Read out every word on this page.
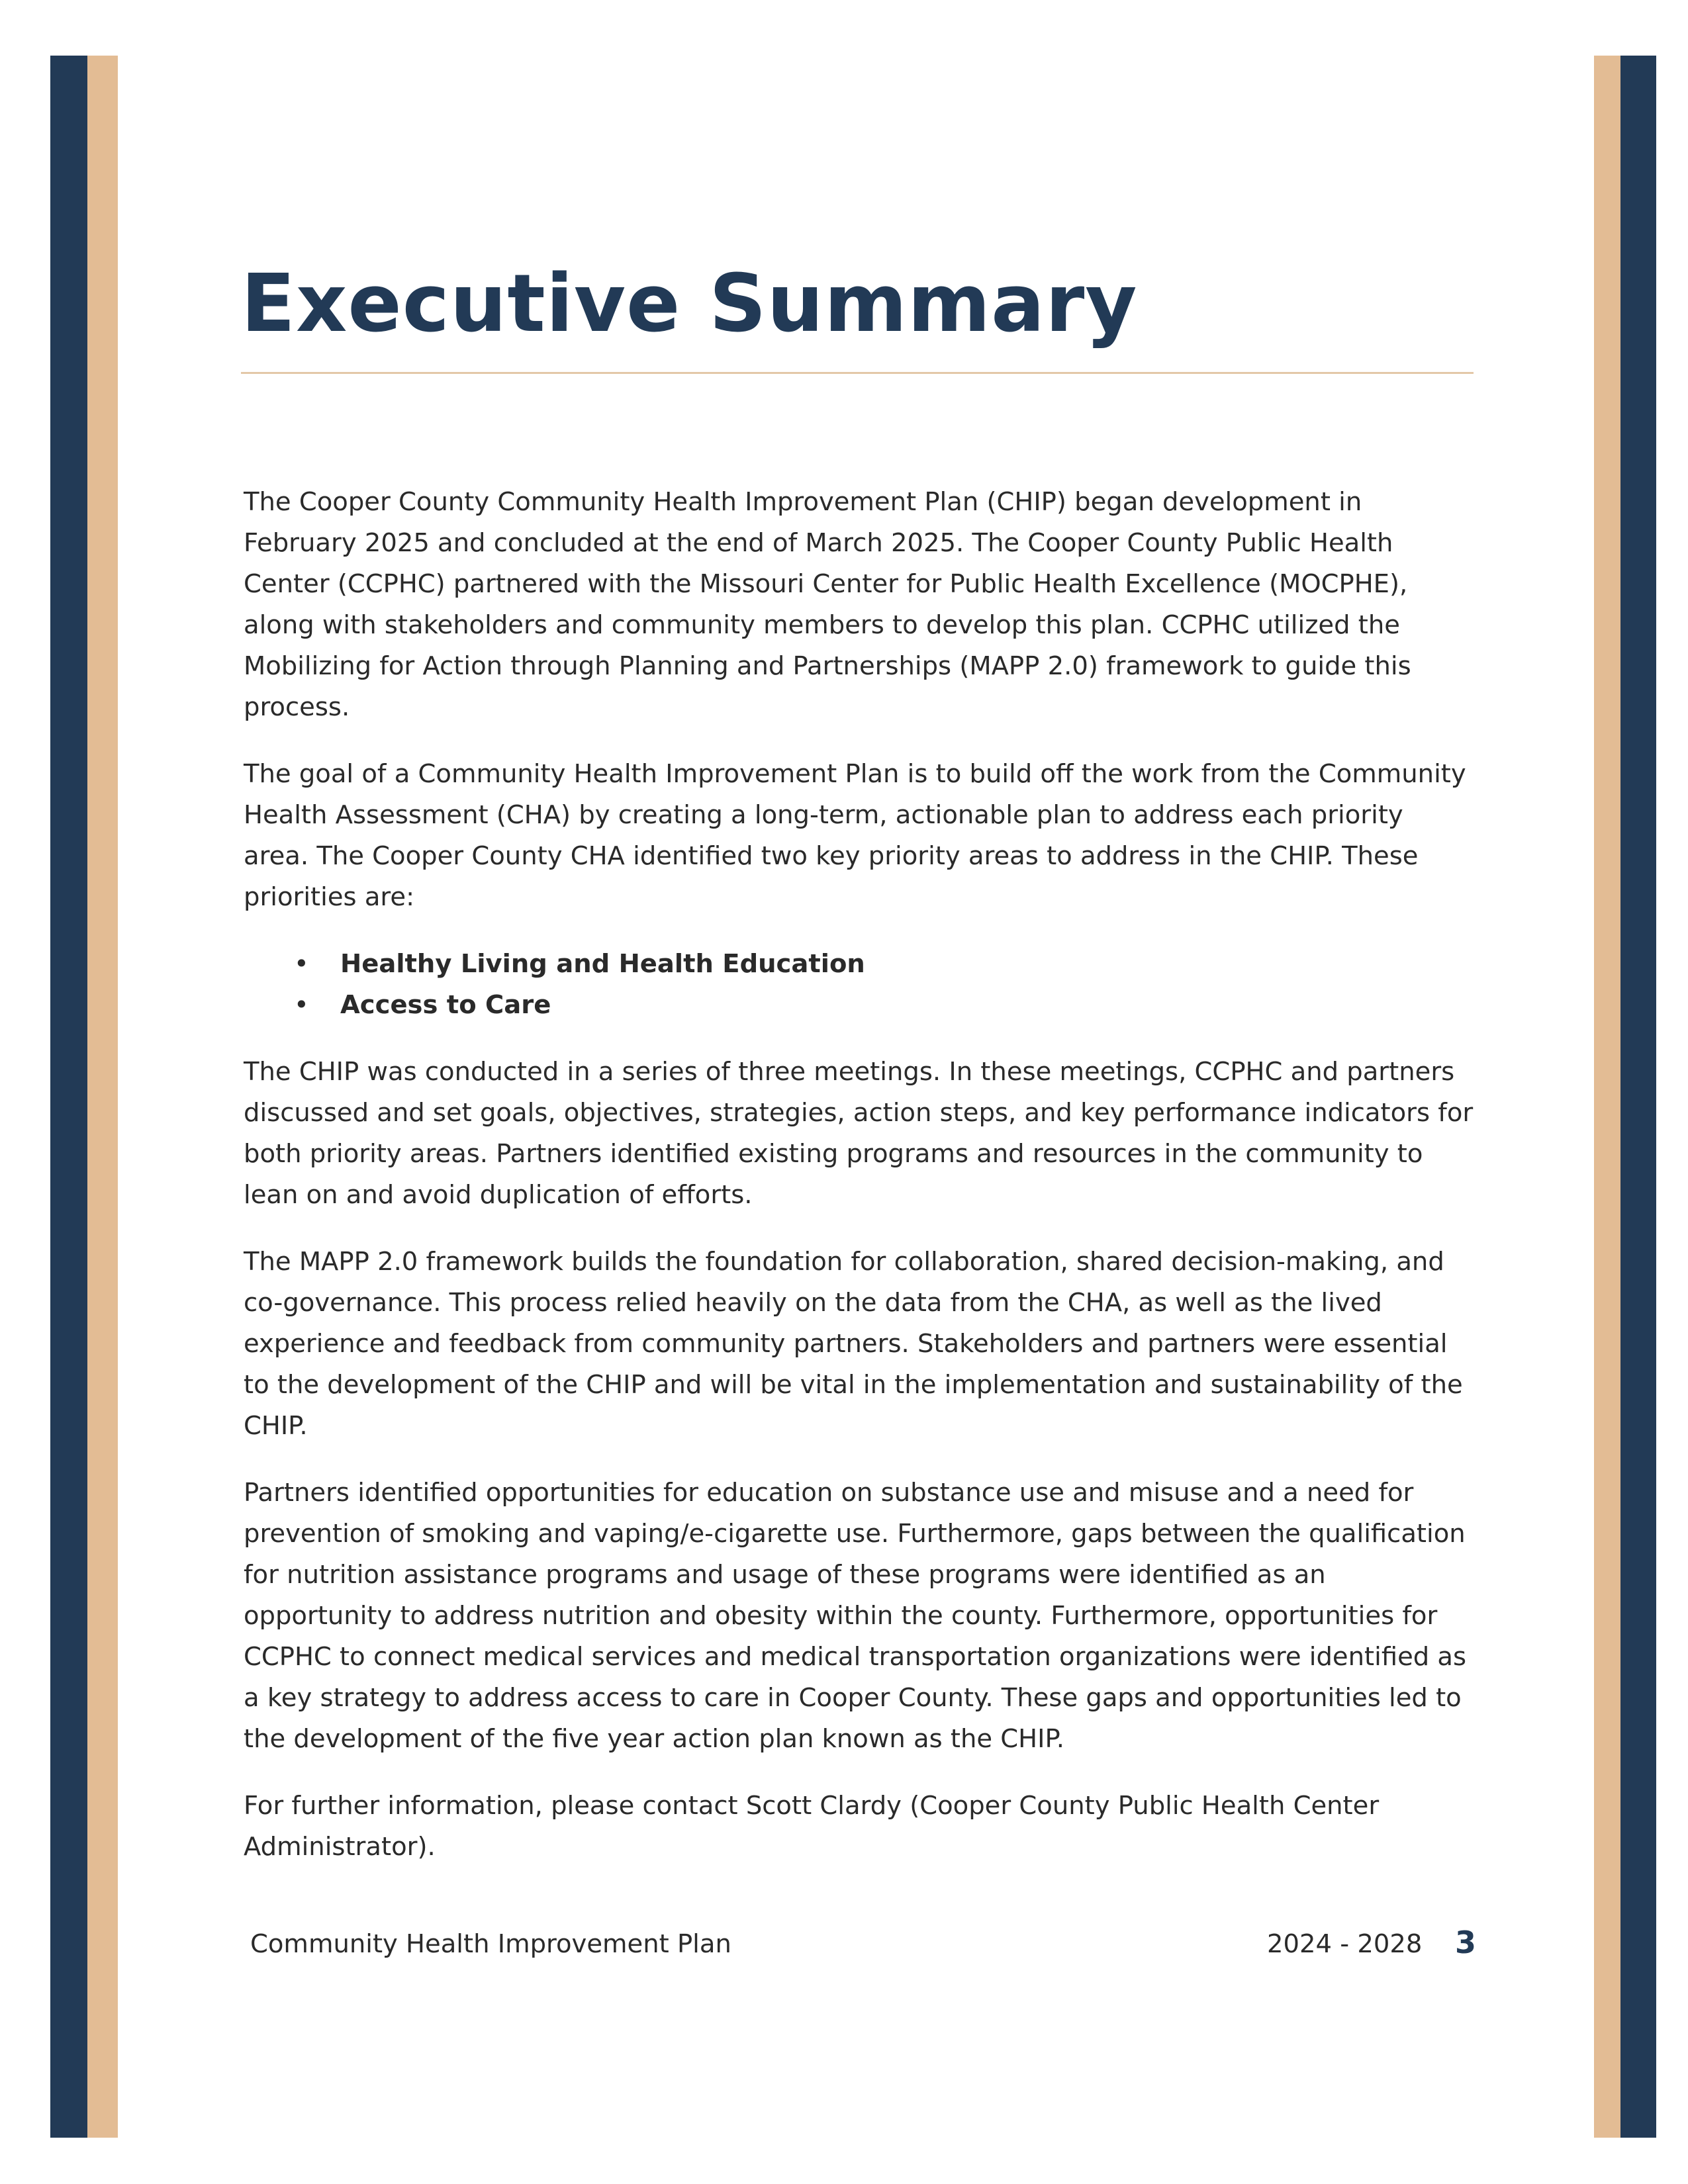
Executive Summary

The Cooper County Community Health Improvement Plan (CHIP) began development in February 2025 and concluded at the end of March 2025. The Cooper County Public Health Center (CCPHC) partnered with the Missouri Center for Public Health Excellence (MOCPHE), along with stakeholders and community members to develop this plan. CCPHC utilized the Mobilizing for Action through Planning and Partnerships (MAPP 2.0) framework to guide this process.

The goal of a Community Health Improvement Plan is to build off the work from the Community Health Assessment (CHA) by creating a long-term, actionable plan to address each priority area. The Cooper County CHA identified two key priority areas to address in the CHIP. These priorities are:

• Healthy Living and Health Education
• Access to Care

The CHIP was conducted in a series of three meetings. In these meetings, CCPHC and partners discussed and set goals, objectives, strategies, action steps, and key performance indicators for both priority areas. Partners identified existing programs and resources in the community to lean on and avoid duplication of efforts.

The MAPP 2.0 framework builds the foundation for collaboration, shared decision-making, and co-governance. This process relied heavily on the data from the CHA, as well as the lived experience and feedback from community partners. Stakeholders and partners were essential to the development of the CHIP and will be vital in the implementation and sustainability of the CHIP.

Partners identified opportunities for education on substance use and misuse and a need for prevention of smoking and vaping/e-cigarette use. Furthermore, gaps between the qualification for nutrition assistance programs and usage of these programs were identified as an opportunity to address nutrition and obesity within the county. Furthermore, opportunities for CCPHC to connect medical services and medical transportation organizations were identified as a key strategy to address access to care in Cooper County. These gaps and opportunities led to the development of the five year action plan known as the CHIP.

For further information, please contact Scott Clardy (Cooper County Public Health Center Administrator).

Community Health Improvement Plan	2024 - 2028 3
